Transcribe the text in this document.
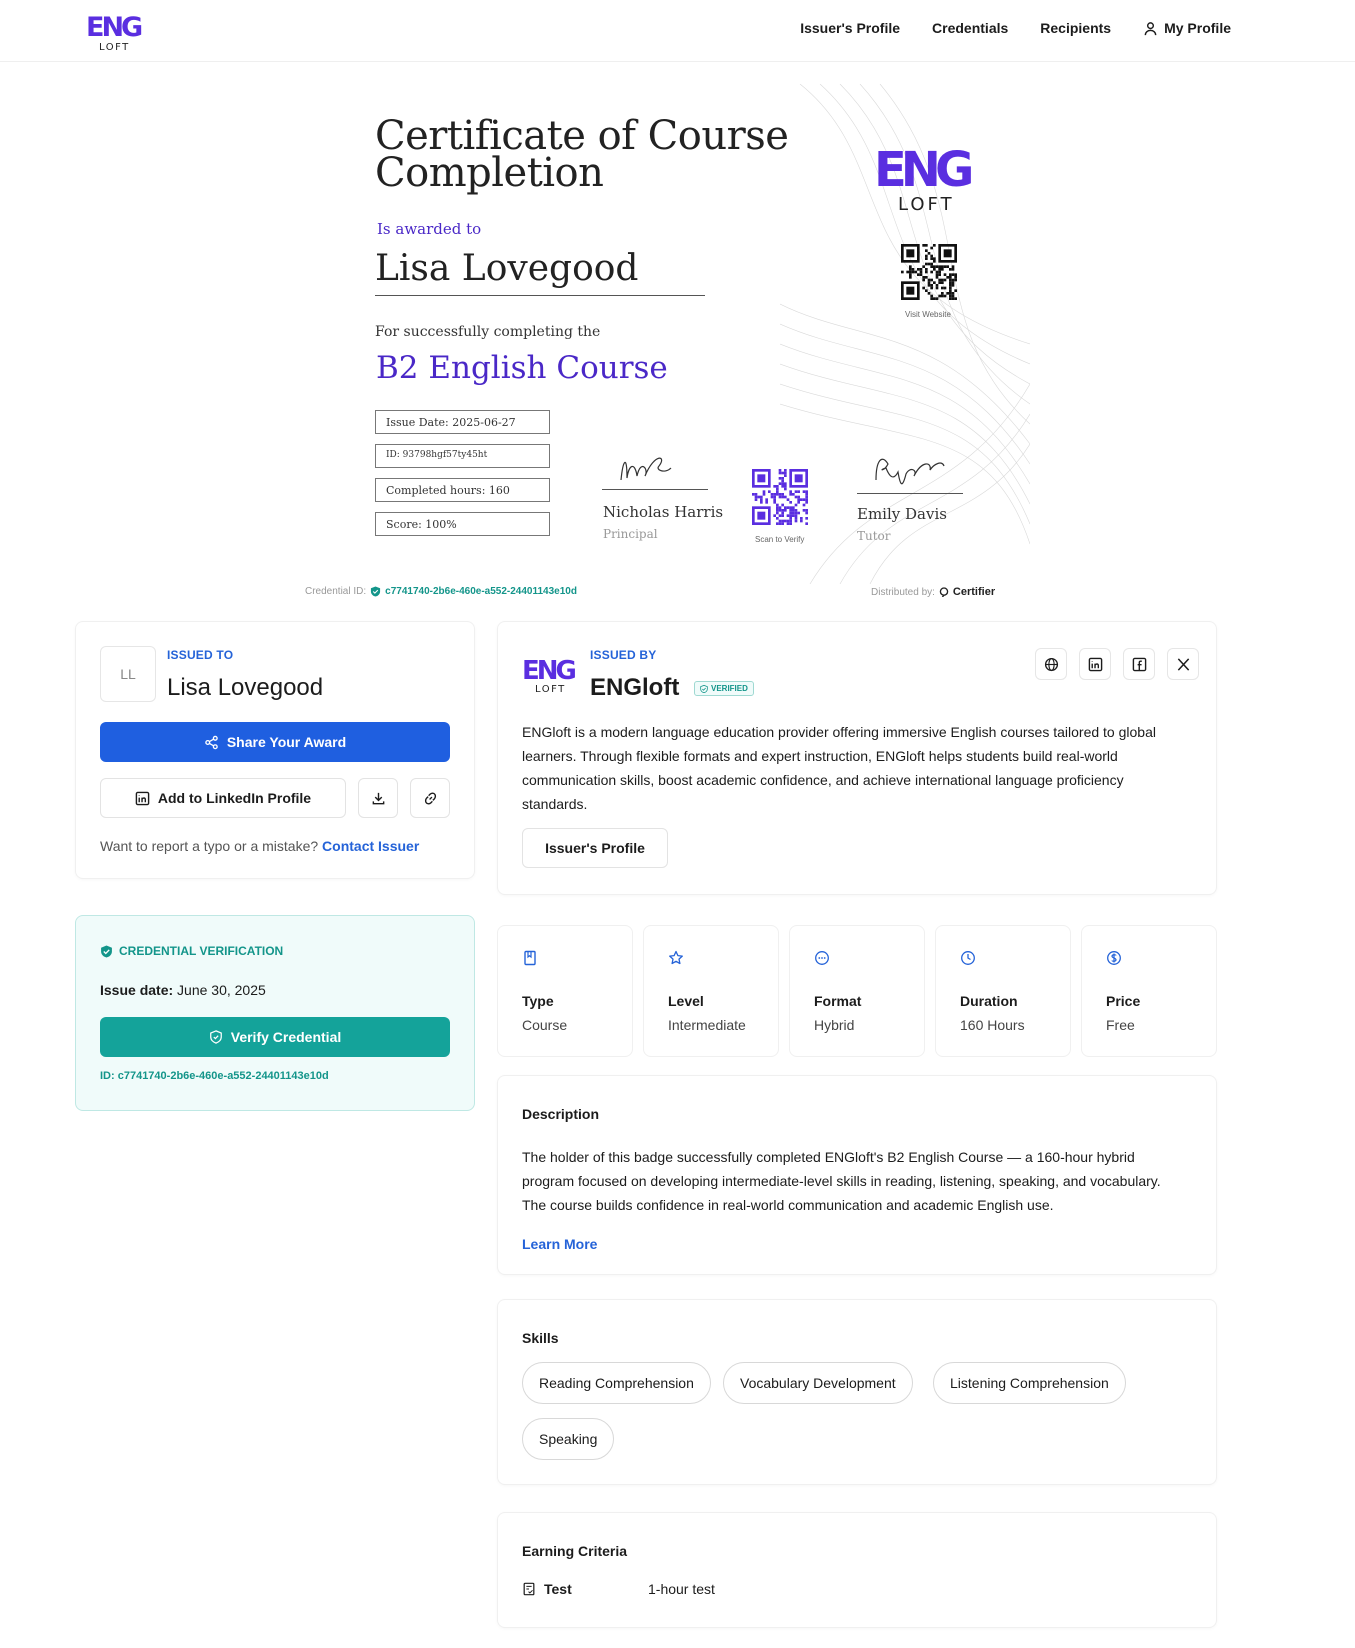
ENG
LOFT
Issuer's Profile Credentials Recipients	My Profile
Certificate of Course Completion
Is awarded to
Lisa Lovegood
For successfully completing the
B2 English Course
Issue Date: 2025-06-27
ID: 93798hgf57ty45ht
Completed hours: 160
Score: 100%
Nicholas Harris
Principal	Scan to Verify
Emily Davis
Tutor
ENG
LOFT
Visit Website
Credential ID: c7741740-2b6e-460e-a552-24401143e10d	Distributed by: Certifier
LL
ISSUED TO
Lisa Lovegood
Share Your Award
Add to LinkedIn Profile
Want to report a typo or a mistake? Contact Issuer
CREDENTIAL VERIFICATION
Issue date: June 30, 2025
Verify Credential
ID: c7741740-2b6e-460e-a552-24401143e10d
ENG
LOFT
ISSUED BY
ENGloft	VERIFIED
ENGloft is a modern language education provider offering immersive English courses tailored to global learners. Through flexible formats and expert instruction, ENGloft helps students build real-world communication skills, boost academic confidence, and achieve international language proficiency standards.
Issuer's Profile
Type
Course
Level
Intermediate
Format
Hybrid
Duration
160 Hours
Price
Free
Description
The holder of this badge successfully completed ENGloft's B2 English Course — a 160-hour hybrid program focused on developing intermediate-level skills in reading, listening, speaking, and vocabulary. The course builds confidence in real-world communication and academic English use.
Learn More
Skills
Reading Comprehension	Vocabulary Development	Listening Comprehension
Speaking
Earning Criteria
Test	1-hour test
